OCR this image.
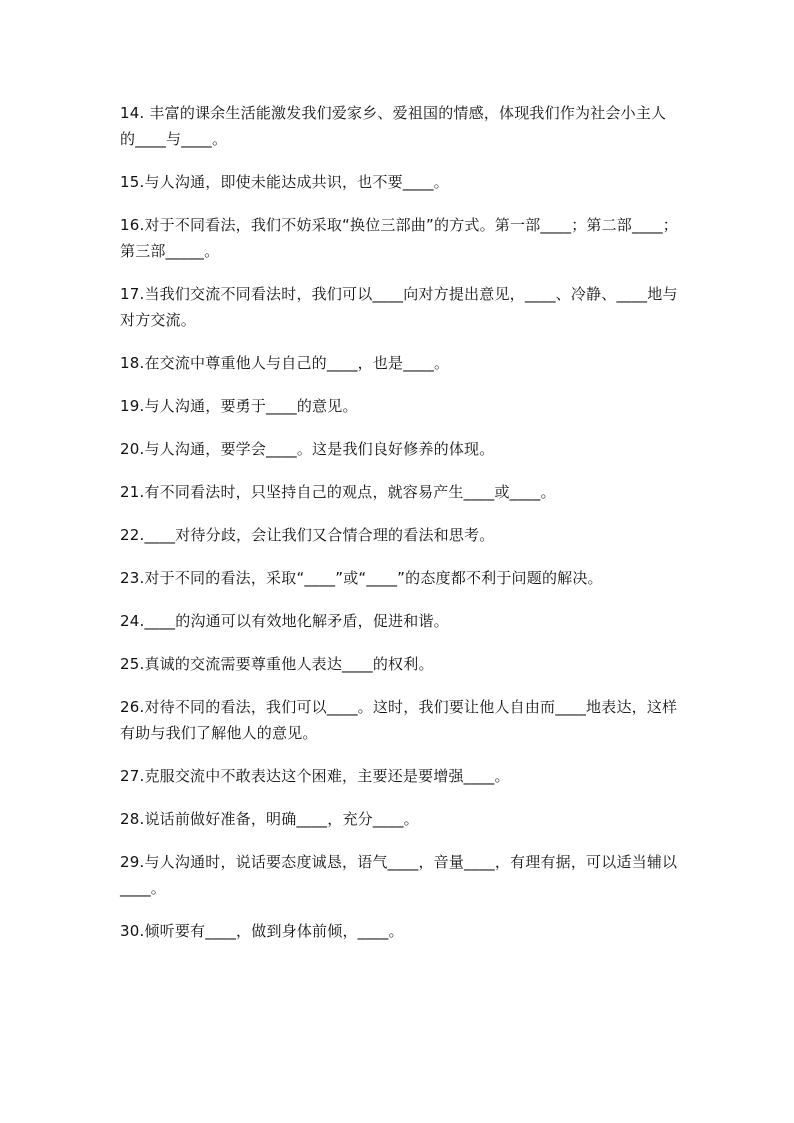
14. 丰富的课余生活能激发我们爱家乡、爱祖国的情感，体现我们作为社会小主人的____与____。

15.与人沟通，即使未能达成共识，也不要____。

16.对于不同看法，我们不妨采取“换位三部曲”的方式。第一部____；第二部____；第三部_____。

17.当我们交流不同看法时，我们可以____向对方提出意见，____、冷静、____地与对方交流。

18.在交流中尊重他人与自己的____，也是____。

19.与人沟通，要勇于____的意见。

20.与人沟通，要学会____。这是我们良好修养的体现。

21.有不同看法时，只坚持自己的观点，就容易产生____或____。

22.____对待分歧，会让我们又合情合理的看法和思考。

23.对于不同的看法，采取“____”或“____”的态度都不利于问题的解决。

24.____的沟通可以有效地化解矛盾，促进和谐。

25.真诚的交流需要尊重他人表达____的权利。

26.对待不同的看法，我们可以____。这时，我们要让他人自由而____地表达，这样有助与我们了解他人的意见。

27.克服交流中不敢表达这个困难，主要还是要增强____。

28.说话前做好准备，明确____，充分____。

29.与人沟通时，说话要态度诚恳，语气____，音量____，有理有据，可以适当辅以____。

30.倾听要有____，做到身体前倾，____。
